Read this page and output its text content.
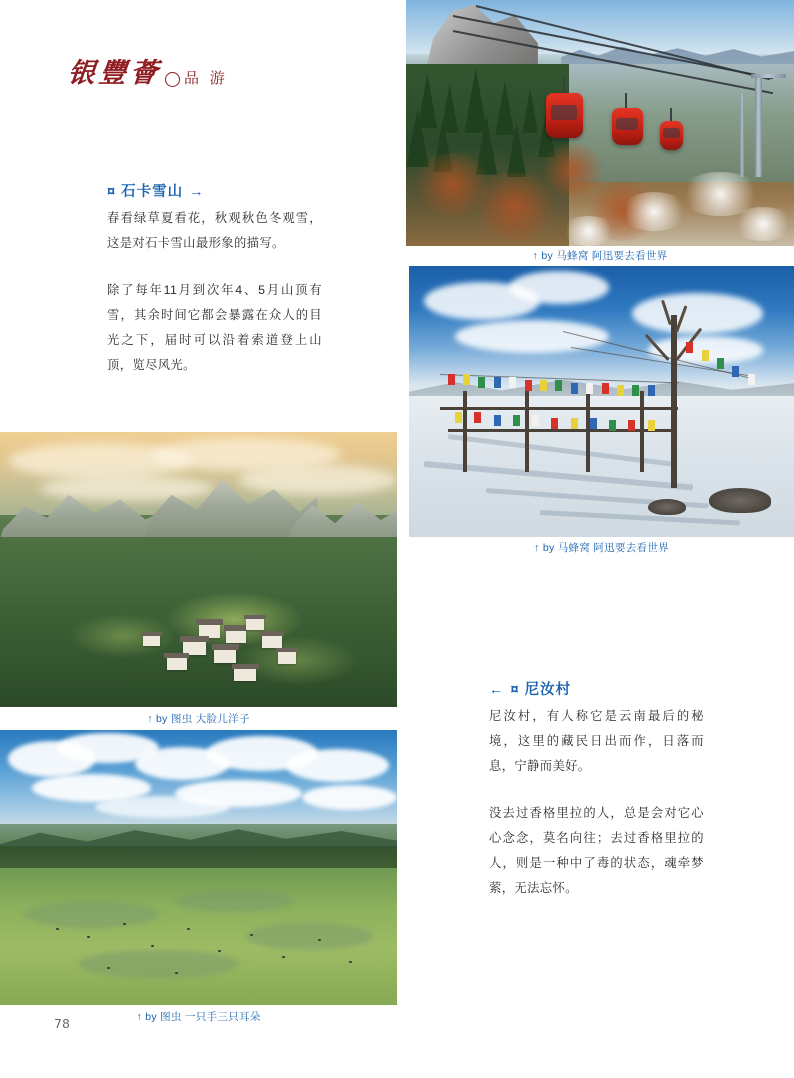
银豐薈 品 游
↑ by 马蜂窝 阿迅要去看世界
¤ 石卡雪山 →

春看绿草夏看花，秋观秋色冬观雪，这是对石卡雪山最形象的描写。

除了每年11月到次年4、5月山顶有雪，其余时间它都会暴露在众人的目光之下，届时可以沿着索道登上山顶，览尽风光。

↑ by 马蜂窝 阿迅要去看世界
↑ by 图虫 大脸儿洋子
← ¤ 尼汝村

尼汝村，有人称它是云南最后的秘境，这里的藏民日出而作，日落而息，宁静而美好。

没去过香格里拉的人，总是会对它心心念念，莫名向往；去过香格里拉的人，则是一种中了毒的状态，魂牵梦萦，无法忘怀。

↑ by 图虫 一只手三只耳朵
78
